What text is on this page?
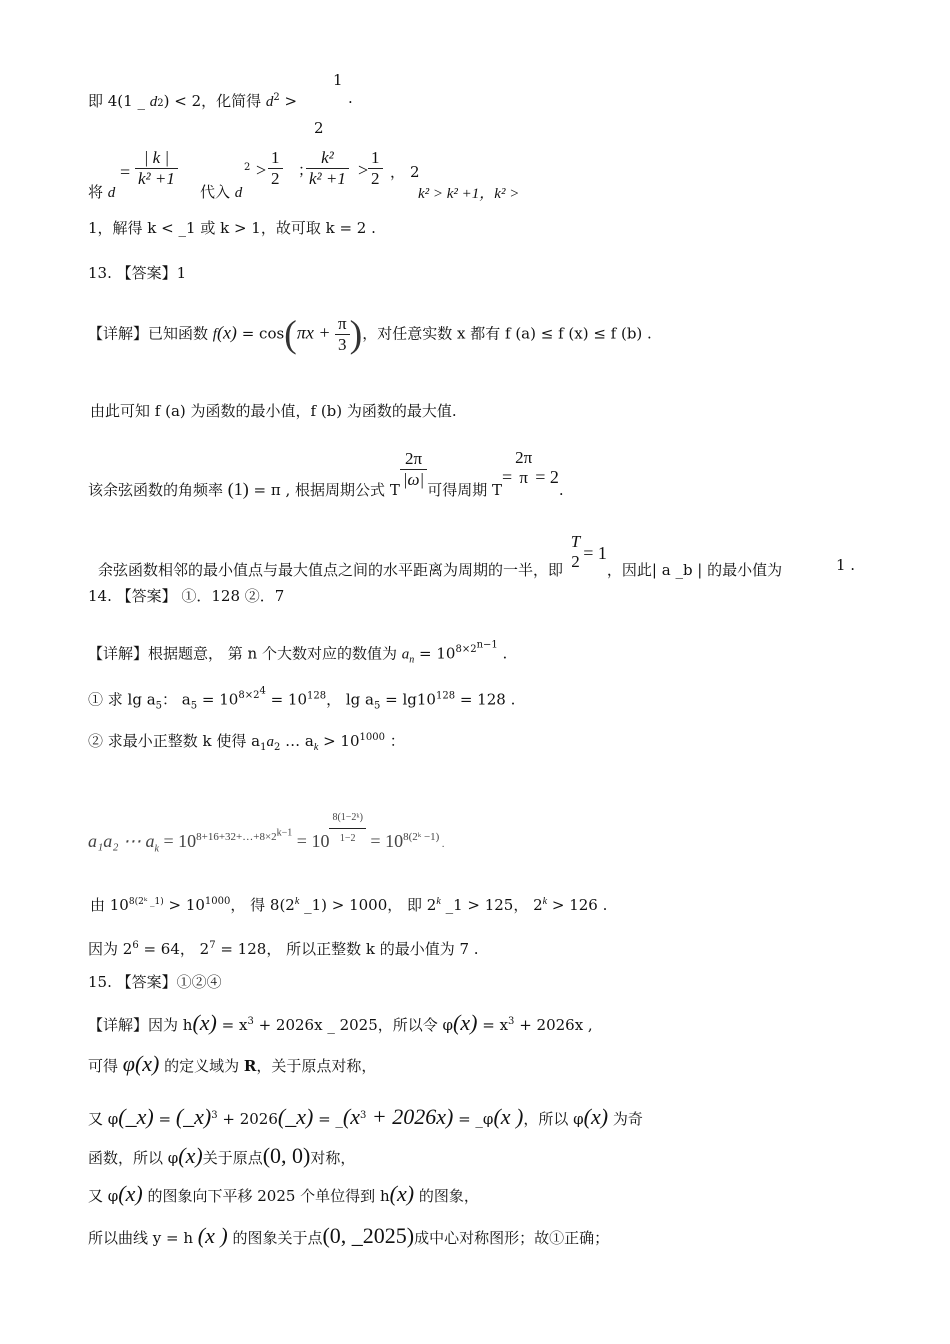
即 4(1 _ d2) < 2，化简得 $d^2$ >
1
.
2
将 d
= $\frac{| k |}{\text{k² +1}}$
代入 d
$2 > \frac{1}{2}$ ；
$\frac{\text{k²}}{\text{k² +1}} > \frac{1}{2}$ ， 2
k² > k² +1，k² >
1，解得 k < _1 或 k > 1，故可取 k = 2 .
13. 【答案】1
【详解】已知函数 $f(x) = \cos(\pi x + \frac{\pi}{3}$ )，对任意实数 x 都有 f (a) ≤ f (x) ≤ f (b) .
由此可知 f (a) 为函数的最小值，f (b) 为函数的最大值.
该余弦函数的角频率 (1) = π , 根据周期公式 T $\frac{2\pi}{|\omega|}$ 可得周期 T=
2π
π = 2.
余弦函数相邻的最小值点与最大值点之间的水平距离为周期的一半，即
T
2 = 1，因此| a _b | 的最小值为	1 .
14. 【答案】 ①．128 ②．7
【详解】根据题意， 第 n 个大数对应的数值为 $a_n = 10^{8\times 2^{n-1}}$ .
① 求 $\lg a_5$： $a_5 = 10^{8\times 2^4} = 10^{128}$， $\lg a_5 = \lg 10^{128} = 128$ .
② 求最小正整数 k 使得 $a_1a_2$ … $a_k > 10^{1000}$ ：
a₁a₂ ⋯ $a_k = 10^{8+16+32+\dots+8\times 2^{k-1}} = 10$ $^{\frac{\text{8(1−2ᵏ)}}{1-2}} = 10^{8(2ᵏ -1)}$ .
由 $10^{8(2ᵏ \_1)} > 10^{1000}$， 得 8(2$^k$ _1) > 1000， 即 2$^k$ _1 > 125， $2^k > 126$ .
因为 $2^6 = 64$， $2^7 = 128$， 所以正整数 k 的最小值为 7 .
15. 【答案】①②④
【详解】因为 $h(x) = x^3 + 2026x$ _ 2025，所以令 $\varphi(x) = x^3 + 2026x$ ,
可得 φ(x) 的定义域为 R，关于原点对称，
又 φ(_x) = (_x)$^3$ + 2026(_x) = $\_(x^3 + 2026x)$ = _φ(x )，所以 φ(x) 为奇
函数，所以 φ(x)关于原点(0, 0)对称，
又 φ(x) 的图象向下平移 2025 个单位得到 h(x) 的图象，
所以曲线 y = h (x ) 的图象关于点(0, _2025)成中心对称图形；故①正确；
